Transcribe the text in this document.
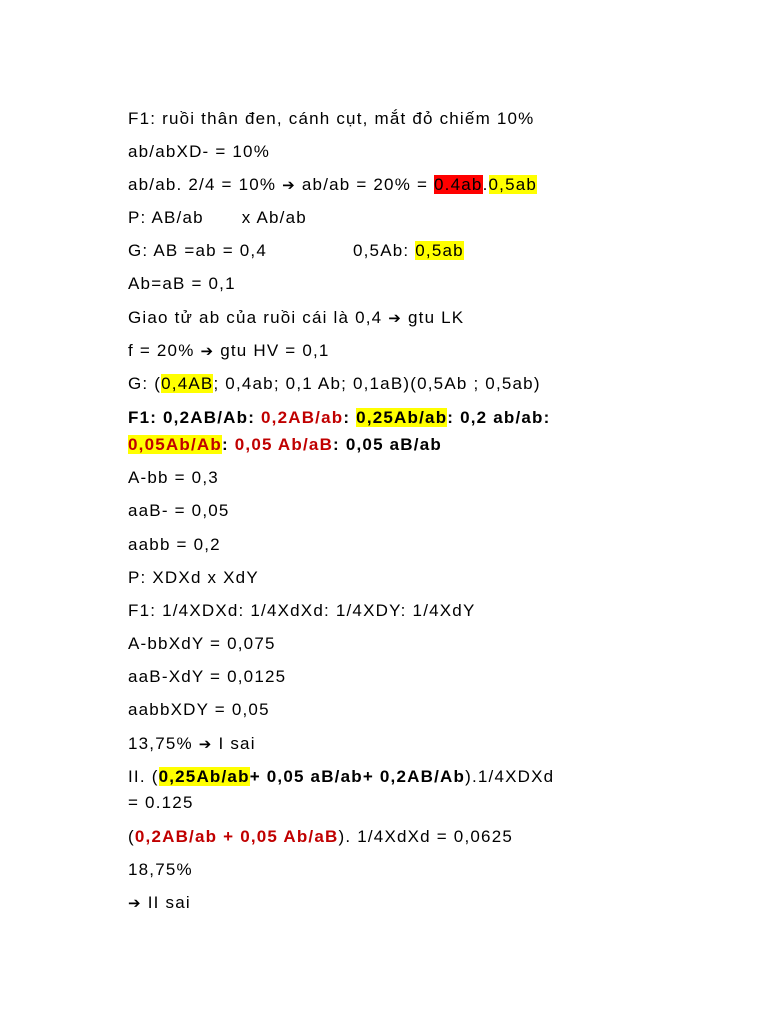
F1: ruồi thân đen, cánh cụt, mắt đỏ chiếm 10%
ab/abXD- = 10%
ab/ab. 2/4 = 10% ➔ ab/ab = 20% = 0.4ab.0,5ab
P: AB/ab x Ab/ab
G: AB =ab = 0,4	0,5Ab: 0,5ab
Ab=aB = 0,1
Giao tử ab của ruồi cái là 0,4 ➔ gtu LK
f = 20% ➔ gtu HV = 0,1
G: (0,4AB; 0,4ab; 0,1 Ab; 0,1aB)(0,5Ab ; 0,5ab)
F1: 0,2AB/Ab: 0,2AB/ab: 0,25Ab/ab: 0,2 ab/ab:
0,05Ab/Ab: 0,05 Ab/aB: 0,05 aB/ab
A-bb = 0,3
aaB- = 0,05
aabb = 0,2
P: XDXd x XdY
F1: 1/4XDXd: 1/4XdXd: 1/4XDY: 1/4XdY
A-bbXdY = 0,075
aaB-XdY = 0,0125
aabbXDY = 0,05
13,75% ➔ I sai
II. (0,25Ab/ab+ 0,05 aB/ab+ 0,2AB/Ab).1/4XDXd
= 0.125
(0,2AB/ab + 0,05 Ab/aB). 1/4XdXd = 0,0625
18,75%
➔ II sai
